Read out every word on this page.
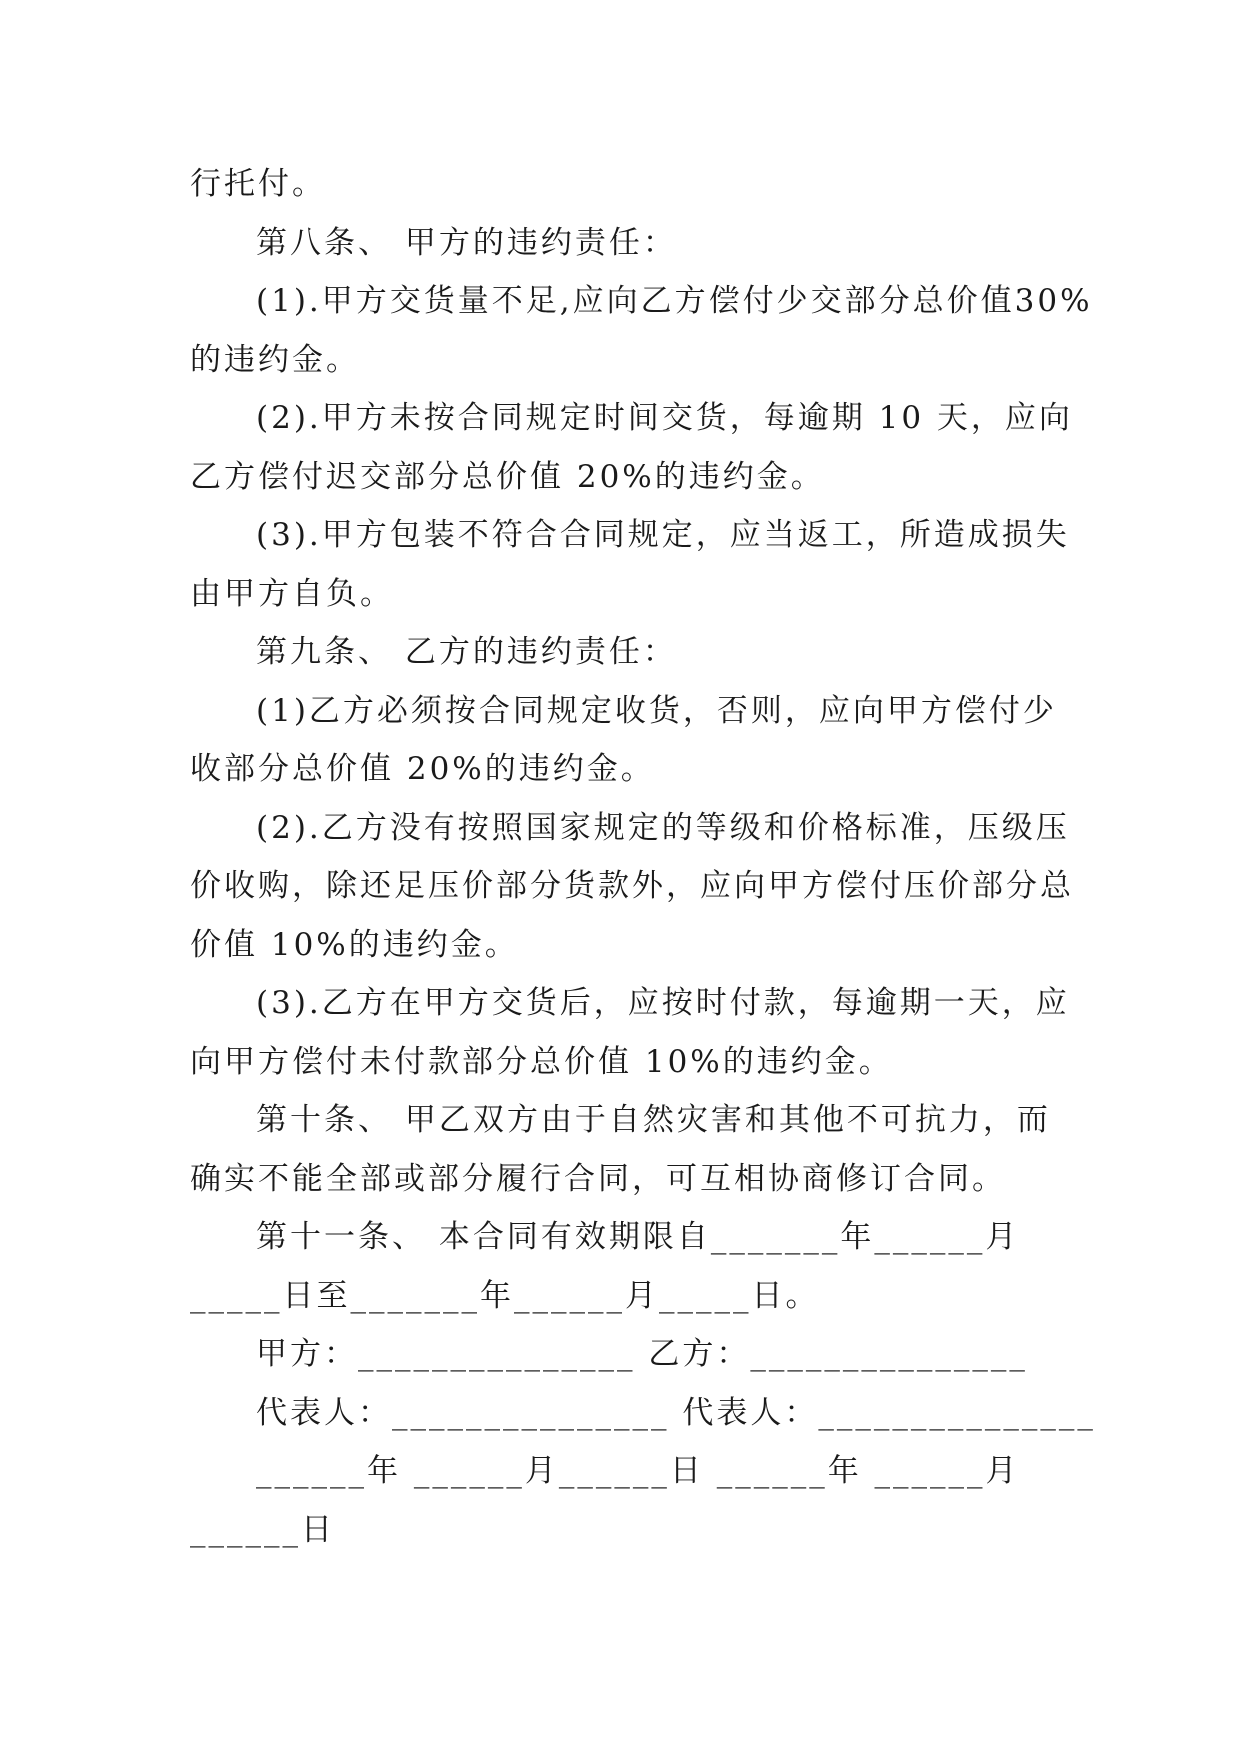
行托付。
第八条、 甲方的违约责任：
(1).甲方交货量不足,应向乙方偿付少交部分总价值30%
的违约金。
(2).甲方未按合同规定时间交货，每逾期 10 天，应向
乙方偿付迟交部分总价值 20%的违约金。
(3).甲方包装不符合合同规定，应当返工，所造成损失
由甲方自负。
第九条、 乙方的违约责任：
(1)乙方必须按合同规定收货，否则，应向甲方偿付少
收部分总价值 20%的违约金。
(2).乙方没有按照国家规定的等级和价格标准，压级压
价收购，除还足压价部分货款外，应向甲方偿付压价部分总
价值 10%的违约金。
(3).乙方在甲方交货后，应按时付款，每逾期一天，应
向甲方偿付未付款部分总价值 10%的违约金。
第十条、 甲乙双方由于自然灾害和其他不可抗力，而
确实不能全部或部分履行合同，可互相协商修订合同。
第十一条、 本合同有效期限自_______年______月
_____日至_______年______月_____日。
甲方：_______________ 乙方：_______________
代表人：_______________ 代表人：_______________
______年 ______月______日 ______年 ______月
______日
